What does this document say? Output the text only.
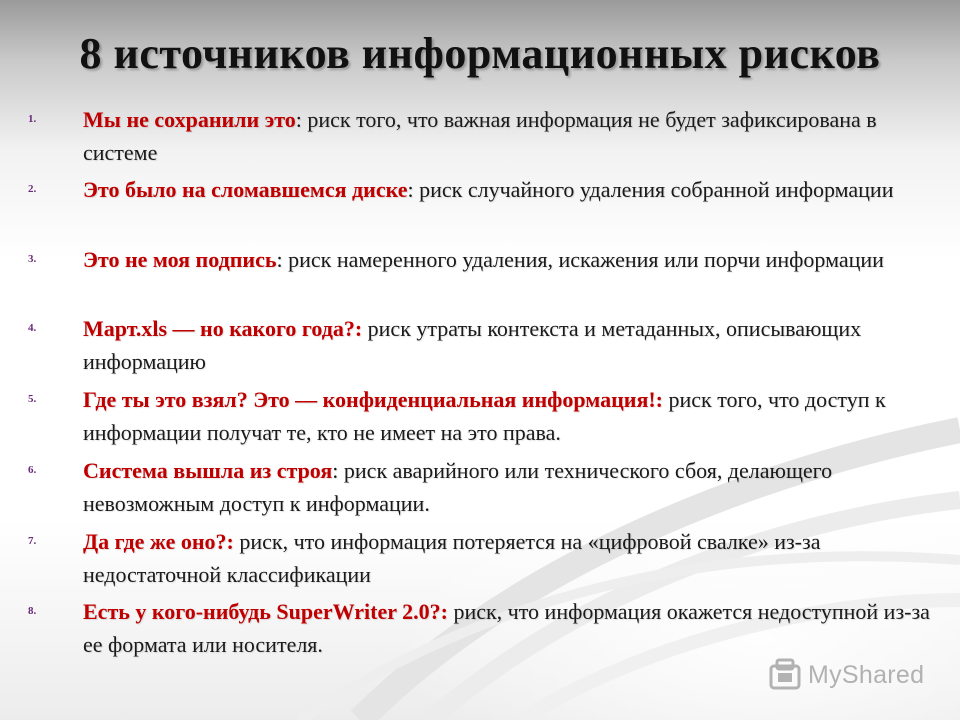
8 источников информационных рисков
1.	Мы не сохранили это: риск того, что важная информация не будет зафиксирована в системе
2.	Это было на сломавшемся диске: риск случайного удаления собранной информации
3.	Это не моя подпись: риск намеренного удаления, искажения или порчи информации
4.	Март.xls — но какого года?: риск утраты контекста и метаданных, описывающих информацию
5.	Где ты это взял? Это — конфиденциальная информация!: риск того, что доступ к информации получат те, кто не имеет на это права.
6.	Система вышла из строя: риск аварийного или технического сбоя, делающего невозможным доступ к информации.
7.	Да где же оно?: риск, что информация потеряется на «цифровой свалке» из-за недостаточной классификации
8.	Есть у кого-нибудь SuperWriter 2.0?: риск, что информация окажется недоступной из-за ее формата или носителя.
MyShared
